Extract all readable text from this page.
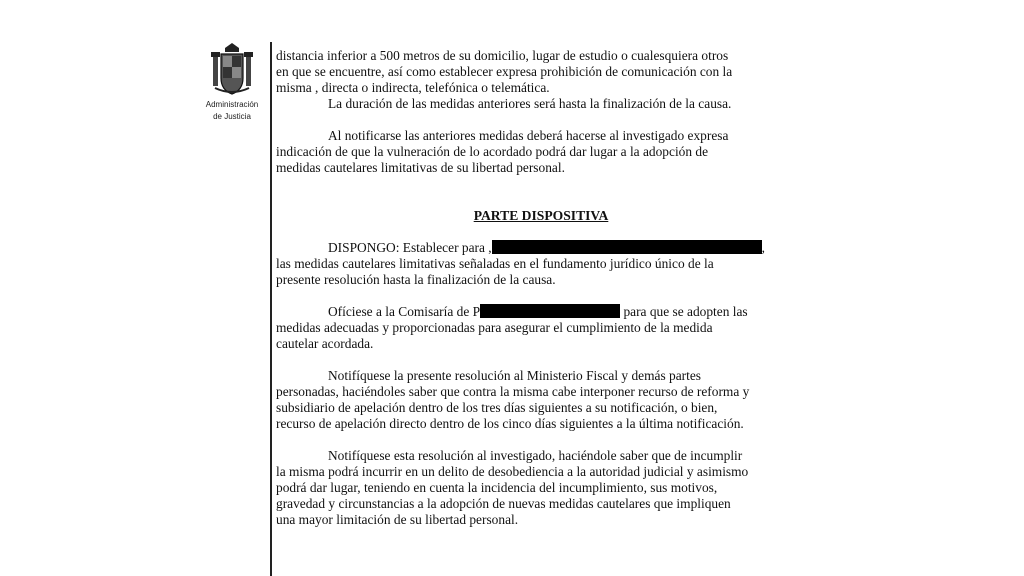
Administración
de Justicia

distancia inferior a 500 metros de su domicilio, lugar de estudio o cualesquiera otros

en que se encuentre, así como establecer expresa prohibición de comunicación con la

misma , directa o indirecta, telefónica o telemática.

La duración de las medidas anteriores será hasta la finalización de la causa.

Al notificarse las anteriores medidas deberá hacerse al investigado expresa

indicación de que la vulneración de lo acordado podrá dar lugar a la adopción de

medidas cautelares limitativas de su libertad personal.

PARTE DISPOSITIVA

DISPONGO: Establecer para ,	,

las medidas cautelares limitativas señaladas en el fundamento jurídico único de la

presente resolución hasta la finalización de la causa.

Ofíciese a la Comisaría de P	para que se adopten las

medidas adecuadas y proporcionadas para asegurar el cumplimiento de la medida

cautelar acordada.

Notifíquese la presente resolución al Ministerio Fiscal y demás partes

personadas, haciéndoles saber que contra la misma cabe interponer recurso de reforma y

subsidiario de apelación dentro de los tres días siguientes a su notificación, o bien,

recurso de apelación directo dentro de los cinco días siguientes a la última notificación.

Notifíquese esta resolución al investigado, haciéndole saber que de incumplir

la misma podrá incurrir en un delito de desobediencia a la autoridad judicial y asimismo

podrá dar lugar, teniendo en cuenta la incidencia del incumplimiento, sus motivos,

gravedad y circunstancias a la adopción de nuevas medidas cautelares que impliquen

una mayor limitación de su libertad personal.
